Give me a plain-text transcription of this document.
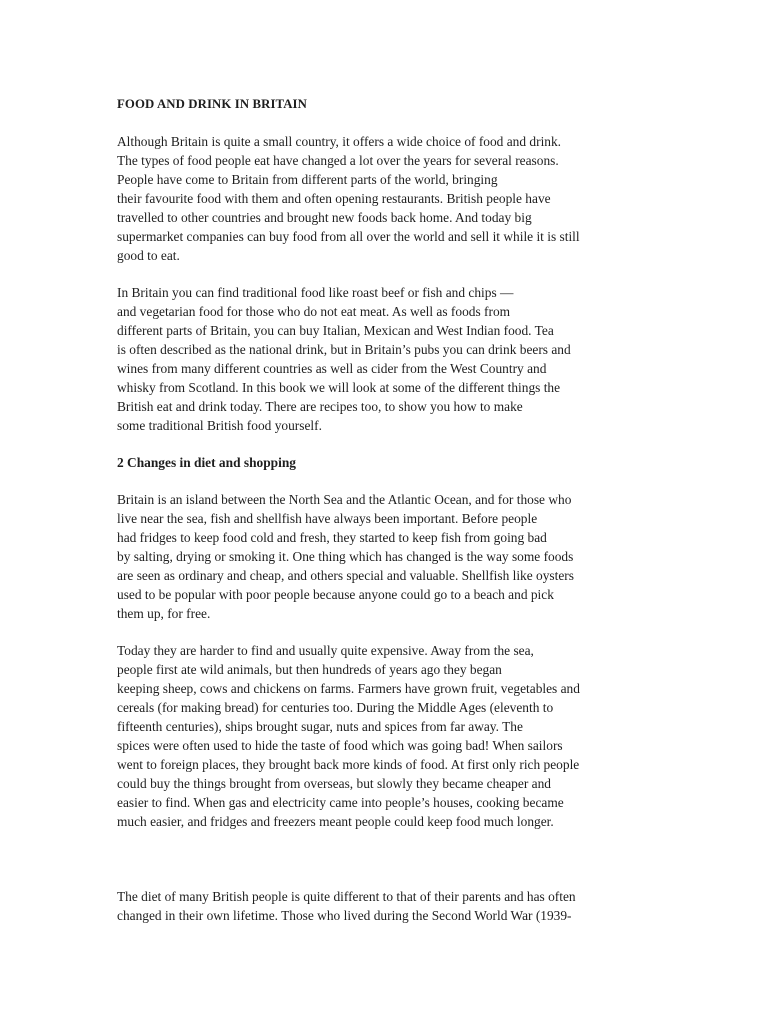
FOOD AND DRINK IN BRITAIN
Although Britain is quite a small country, it offers a wide choice of food and drink.
The types of food people eat have changed a lot over the years for several reasons.
People have come to Britain from different parts of the world, bringing
their favourite food with them and often opening restaurants. British people have
travelled to other countries and brought new foods back home. And today big
supermarket companies can buy food from all over the world and sell it while it is still
good to eat.
In Britain you can find traditional food like roast beef or fish and chips —
and vegetarian food for those who do not eat meat. As well as foods from
different parts of Britain, you can buy Italian, Mexican and West Indian food. Tea
is often described as the national drink, but in Britain’s pubs you can drink beers and
wines from many different countries as well as cider from the West Country and
whisky from Scotland. In this book we will look at some of the different things the
British eat and drink today. There are recipes too, to show you how to make
some traditional British food yourself.
2 Changes in diet and shopping
Britain is an island between the North Sea and the Atlantic Ocean, and for those who
live near the sea, fish and shellfish have always been important. Before people
had fridges to keep food cold and fresh, they started to keep fish from going bad
by salting, drying or smoking it. One thing which has changed is the way some foods
are seen as ordinary and cheap, and others special and valuable. Shellfish like oysters
used to be popular with poor people because anyone could go to a beach and pick
them up, for free.
Today they are harder to find and usually quite expensive. Away from the sea,
people first ate wild animals, but then hundreds of years ago they began
keeping sheep, cows and chickens on farms. Farmers have grown fruit, vegetables and
cereals (for making bread) for centuries too. During the Middle Ages (eleventh to
fifteenth centuries), ships brought sugar, nuts and spices from far away. The
spices were often used to hide the taste of food which was going bad! When sailors
went to foreign places, they brought back more kinds of food. At first only rich people
could buy the things brought from overseas, but slowly they became cheaper and
easier to find. When gas and electricity came into people’s houses, cooking became
much easier, and fridges and freezers meant people could keep food much longer.
The diet of many British people is quite different to that of their parents and has often
changed in their own lifetime. Those who lived during the Second World War (1939-
